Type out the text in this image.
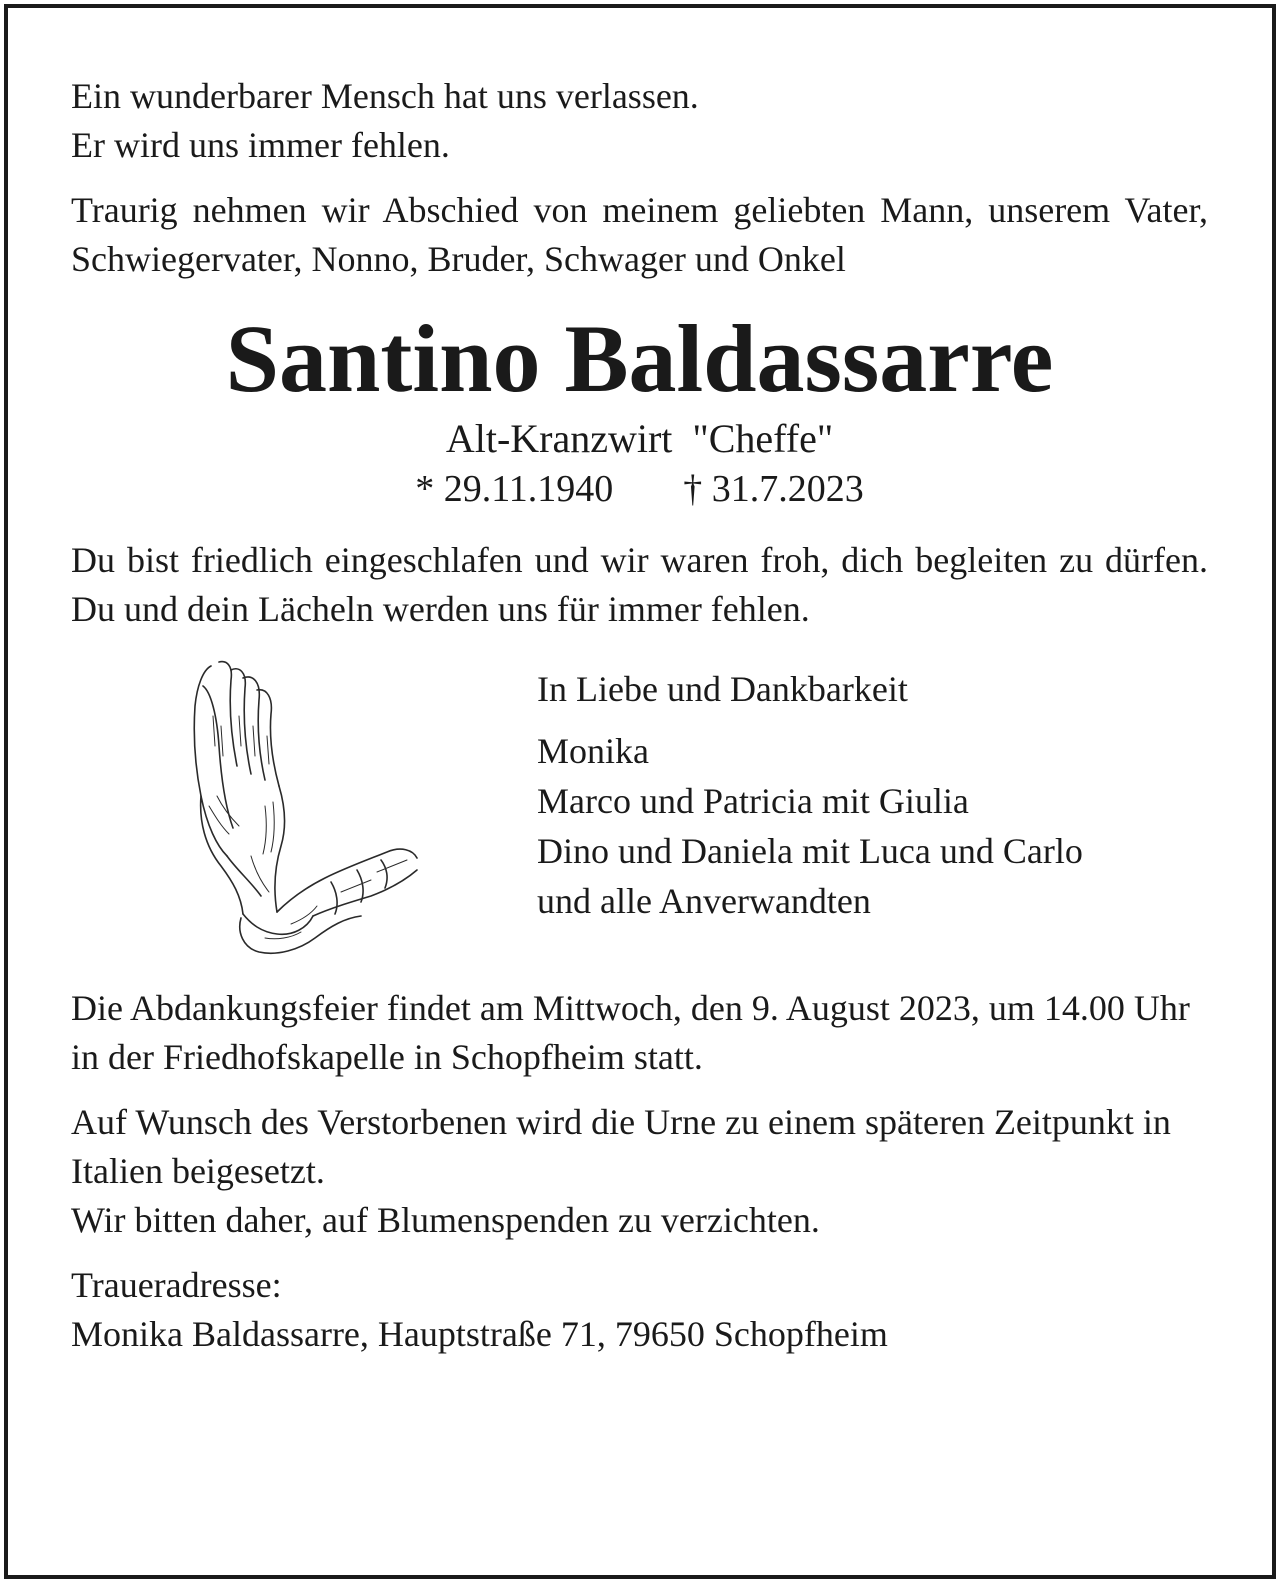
Ein wunderbarer Mensch hat uns verlassen.

Er wird uns immer fehlen.

Traurig nehmen wir Abschied von meinem geliebten Mann, unserem Vater, Schwiegervater, Nonno, Bruder, Schwager und Onkel

Santino Baldassarre

Alt-Kranzwirt  "Cheffe"

* 29.11.1940 † 31.7.2023

Du bist friedlich eingeschlafen und wir waren froh, dich begleiten zu dürfen. Du und dein Lächeln werden uns für immer fehlen.

In Liebe und Dankbarkeit

Monika

Marco und Patricia mit Giulia

Dino und Daniela mit Luca und Carlo

und alle Anverwandten

Die Abdankungsfeier findet am Mittwoch, den 9. August 2023, um 14.00 Uhr in der Friedhofskapelle in Schopfheim statt.

Auf Wunsch des Verstorbenen wird die Urne zu einem späteren Zeitpunkt in Italien beigesetzt.

Wir bitten daher, auf Blumenspenden zu verzichten.

Traueradresse:

Monika Baldassarre, Hauptstraße 71, 79650 Schopfheim
